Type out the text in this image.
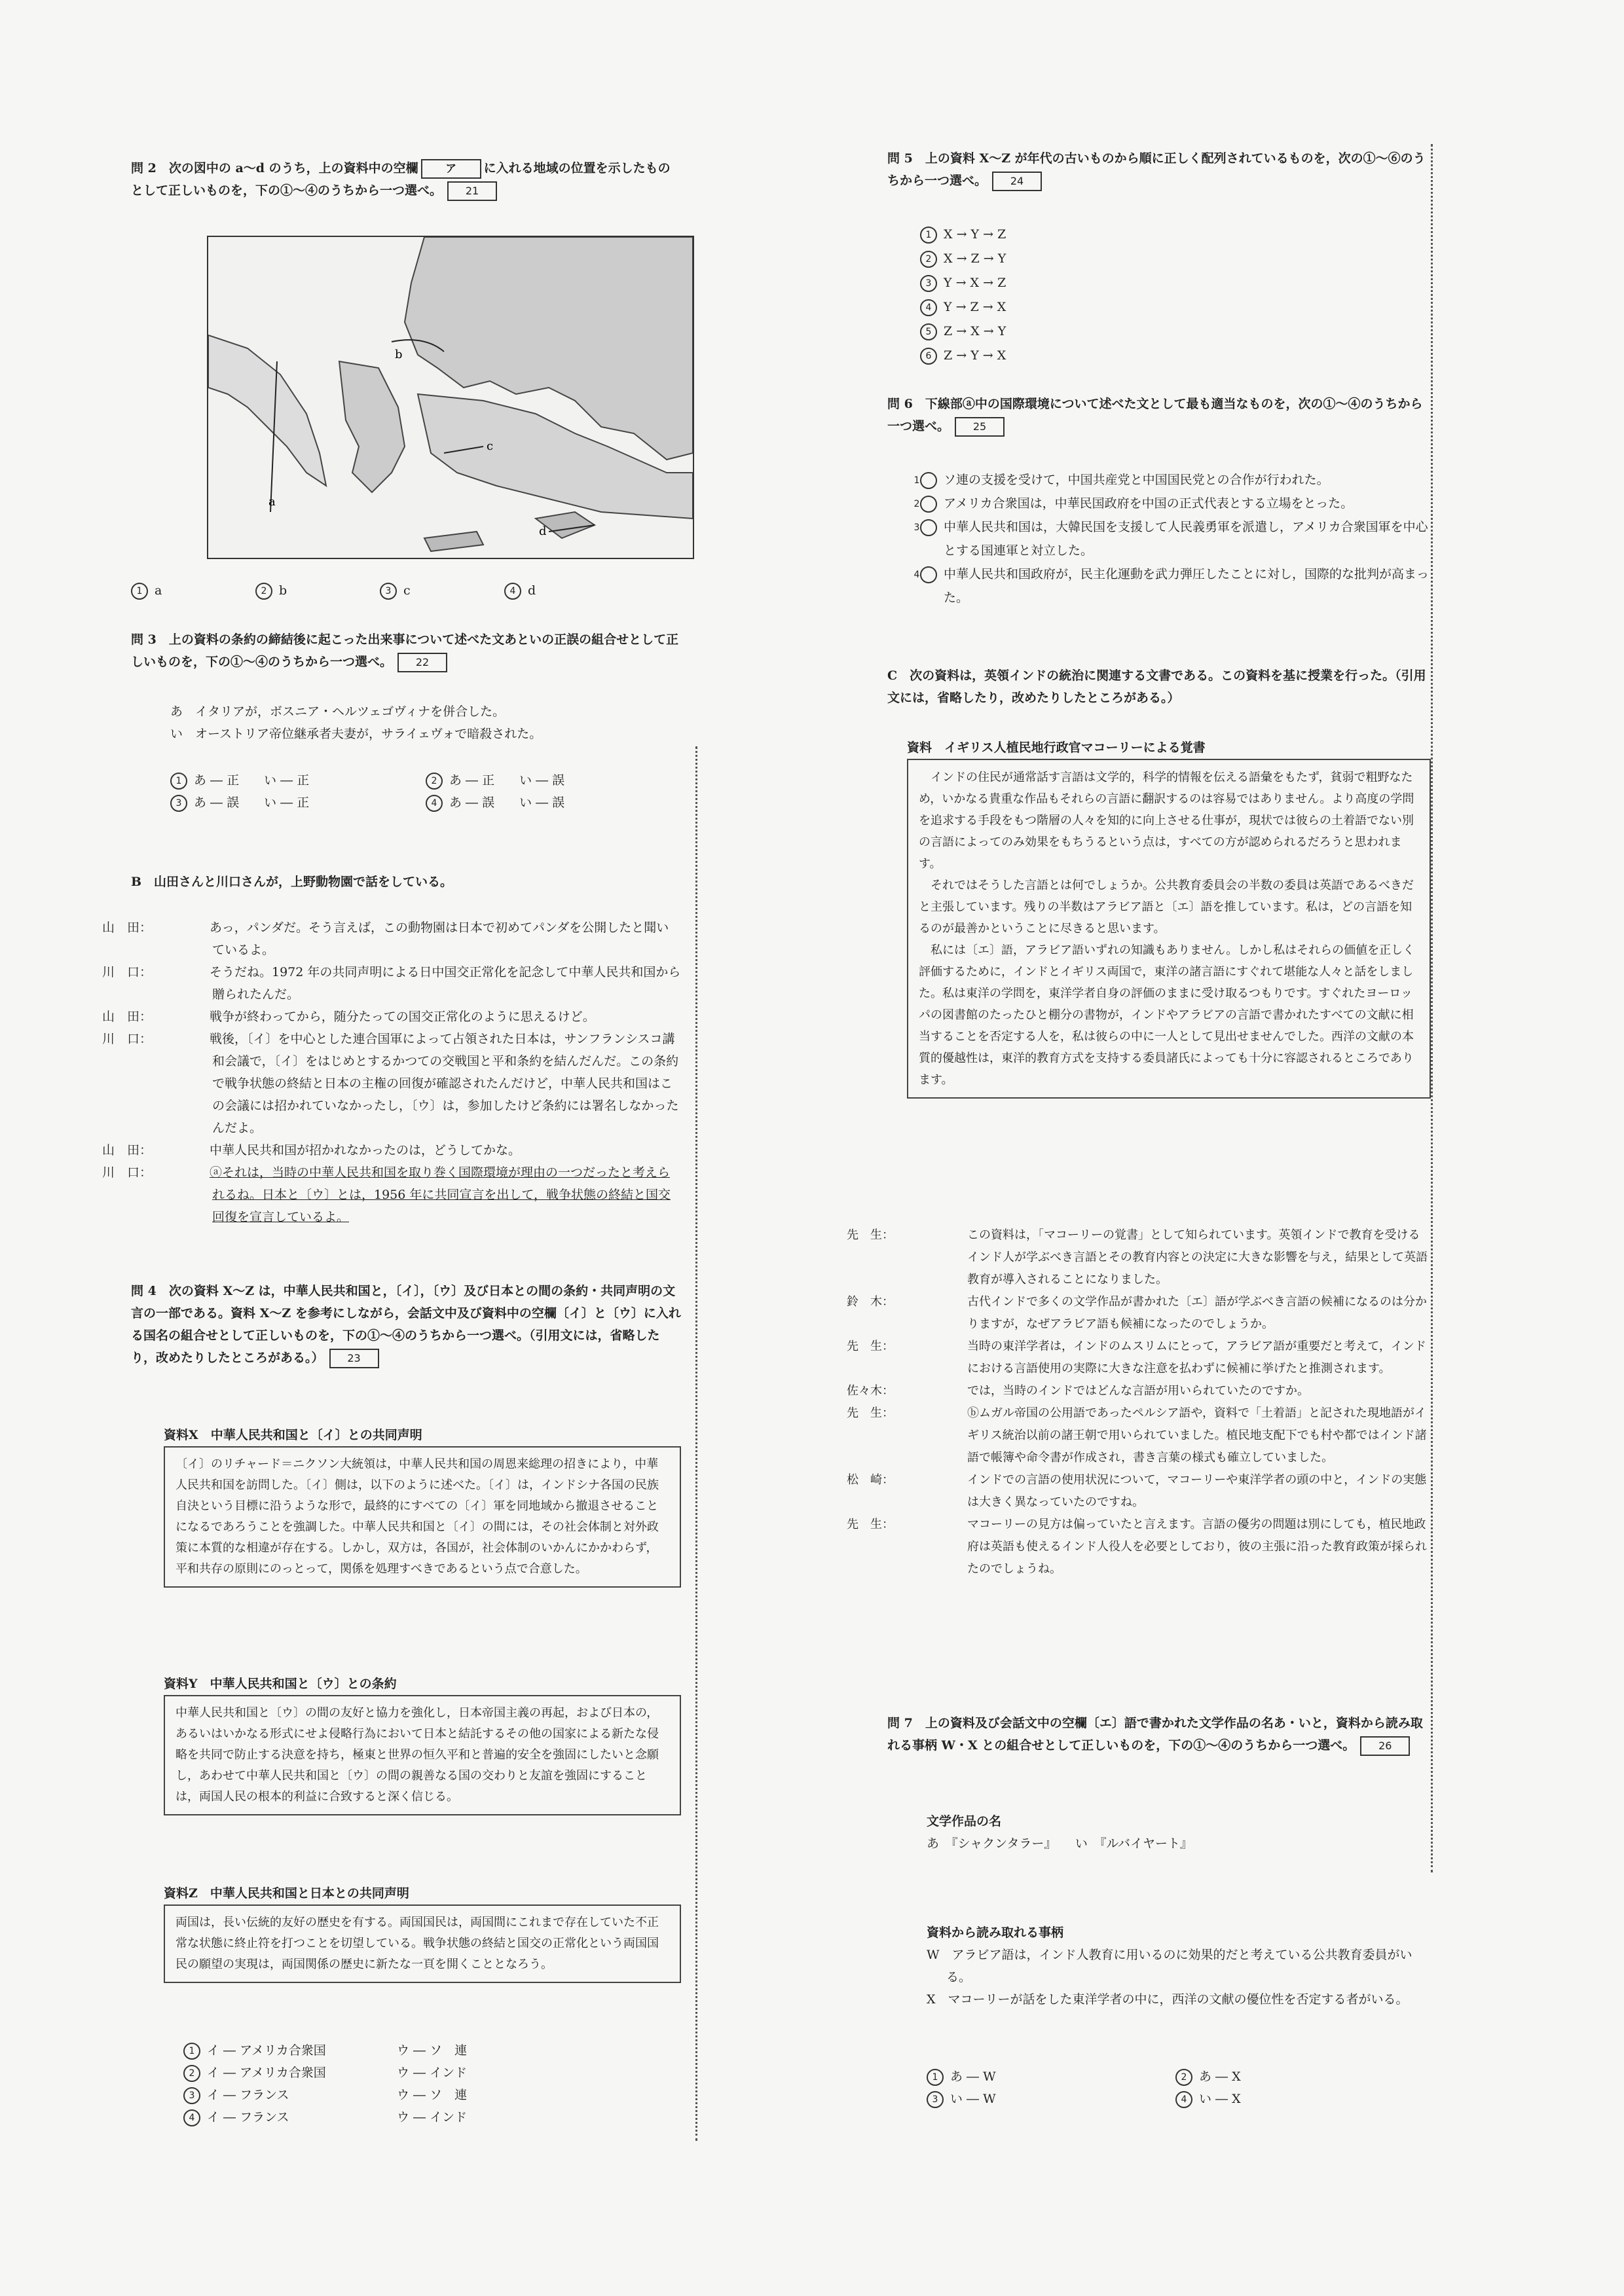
問 2　次の図中の a〜d のうち，上の資料中の空欄 ア に入れる地域の位置を示したものとして正しいものを，下の①〜④のうちから一つ選べ。 21
a
b
c
d
1 a	2 b	3 c	4 d
問 3　上の資料の条約の締結後に起こった出来事について述べた文あといの正誤の組合せとして正しいものを，下の①〜④のうちから一つ選べ。 22
あ　イタリアが，ボスニア・ヘルツェゴヴィナを併合した。
い　オーストリア帝位継承者夫妻が，サライェヴォで暗殺された。
1 あ ― 正　　い ― 正	2 あ ― 正　　い ― 誤
3 あ ― 誤　　い ― 正	4 あ ― 誤　　い ― 誤
B　山田さんと川口さんが，上野動物園で話をしている。
山　田：	あっ，パンダだ。そう言えば，この動物園は日本で初めてパンダを公開したと聞いているよ。
川　口：	そうだね。1972 年の共同声明による日中国交正常化を記念して中華人民共和国から贈られたんだ。
山　田：	戦争が終わってから，随分たっての国交正常化のように思えるけど。
川　口：	戦後，〔イ〕を中心とした連合国軍によって占領された日本は，サンフランシスコ講和会議で，〔イ〕をはじめとするかつての交戦国と平和条約を結んだんだ。この条約で戦争状態の終結と日本の主権の回復が確認されたんだけど，中華人民共和国はこの会議には招かれていなかったし，〔ウ〕は，参加したけど条約には署名しなかったんだよ。
山　田：	中華人民共和国が招かれなかったのは，どうしてかな。
川　口：	ⓐそれは，当時の中華人民共和国を取り巻く国際環境が理由の一つだったと考えられるね。日本と〔ウ〕とは，1956 年に共同宣言を出して，戦争状態の終結と国交回復を宣言しているよ。
問 4　次の資料 X〜Z は，中華人民共和国と，〔イ〕，〔ウ〕及び日本との間の条約・共同声明の文言の一部である。資料 X〜Z を参考にしながら，会話文中及び資料中の空欄〔イ〕と〔ウ〕に入れる国名の組合せとして正しいものを，下の①〜④のうちから一つ選べ。（引用文には，省略したり，改めたりしたところがある。） 23
資料X　中華人民共和国と〔イ〕との共同声明
〔イ〕のリチャード＝ニクソン大統領は，中華人民共和国の周恩来総理の招きにより，中華人民共和国を訪問した。〔イ〕側は，以下のように述べた。〔イ〕は，インドシナ各国の民族自決という目標に沿うような形で，最終的にすべての〔イ〕軍を同地域から撤退させることになるであろうことを強調した。中華人民共和国と〔イ〕の間には，その社会体制と対外政策に本質的な相違が存在する。しかし，双方は，各国が，社会体制のいかんにかかわらず，平和共存の原則にのっとって，関係を処理すべきであるという点で合意した。
資料Y　中華人民共和国と〔ウ〕との条約
中華人民共和国と〔ウ〕の間の友好と協力を強化し，日本帝国主義の再起，および日本の，あるいはいかなる形式にせよ侵略行為において日本と結託するその他の国家による新たな侵略を共同で防止する決意を持ち，極東と世界の恒久平和と普遍的安全を強固にしたいと念願し，あわせて中華人民共和国と〔ウ〕の間の親善なる国の交わりと友誼を強固にすることは，両国人民の根本的利益に合致すると深く信じる。
資料Z　中華人民共和国と日本との共同声明
両国は，長い伝統的友好の歴史を有する。両国国民は，両国間にこれまで存在していた不正常な状態に終止符を打つことを切望している。戦争状態の終結と国交の正常化という両国国民の願望の実現は，両国関係の歴史に新たな一頁を開くこととなろう。
1 イ ― アメリカ合衆国	ウ ― ソ　連
2 イ ― アメリカ合衆国	ウ ― インド
3 イ ― フランス	ウ ― ソ　連
4 イ ― フランス	ウ ― インド
問 5　上の資料 X〜Z が年代の古いものから順に正しく配列されているものを，次の①〜⑥のうちから一つ選べ。 24
1 X → Y → Z
2 X → Z → Y
3 Y → X → Z
4 Y → Z → X
5 Z → X → Y
6 Z → Y → X
問 6　下線部ⓐ中の国際環境について述べた文として最も適当なものを，次の①〜④のうちから一つ選べ。 25
1 ソ連の支援を受けて，中国共産党と中国国民党との合作が行われた。
2 アメリカ合衆国は，中華民国政府を中国の正式代表とする立場をとった。
3 中華人民共和国は，大韓民国を支援して人民義勇軍を派遣し，アメリカ合衆国軍を中心とする国連軍と対立した。
4 中華人民共和国政府が，民主化運動を武力弾圧したことに対し，国際的な批判が高まった。
C　次の資料は，英領インドの統治に関連する文書である。この資料を基に授業を行った。（引用文には，省略したり，改めたりしたところがある。）
資料　イギリス人植民地行政官マコーリーによる覚書
インドの住民が通常話す言語は文学的，科学的情報を伝える語彙をもたず，貧弱で粗野なため，いかなる貴重な作品もそれらの言語に翻訳するのは容易ではありません。より高度の学問を追求する手段をもつ階層の人々を知的に向上させる仕事が，現状では彼らの土着語でない別の言語によってのみ効果をもちうるという点は，すべての方が認められるだろうと思われます。
それではそうした言語とは何でしょうか。公共教育委員会の半数の委員は英語であるべきだと主張しています。残りの半数はアラビア語と〔エ〕語を推しています。私は，どの言語を知るのが最善かということに尽きると思います。
私には〔エ〕語，アラビア語いずれの知識もありません。しかし私はそれらの価値を正しく評価するために，インドとイギリス両国で，東洋の諸言語にすぐれて堪能な人々と話をしました。私は東洋の学問を，東洋学者自身の評価のままに受け取るつもりです。すぐれたヨーロッパの図書館のたったひと棚分の書物が，インドやアラビアの言語で書かれたすべての文献に相当することを否定する人を，私は彼らの中に一人として見出せませんでした。西洋の文献の本質的優越性は，東洋的教育方式を支持する委員諸氏によっても十分に容認されるところであります。
先　生：	この資料は，「マコーリーの覚書」として知られています。英領インドで教育を受けるインド人が学ぶべき言語とその教育内容との決定に大きな影響を与え，結果として英語教育が導入されることになりました。
鈴　木：	古代インドで多くの文学作品が書かれた〔エ〕語が学ぶべき言語の候補になるのは分かりますが，なぜアラビア語も候補になったのでしょうか。
先　生：	当時の東洋学者は，インドのムスリムにとって，アラビア語が重要だと考えて，インドにおける言語使用の実際に大きな注意を払わずに候補に挙げたと推測されます。
佐々木：	では，当時のインドではどんな言語が用いられていたのですか。
先　生：	ⓑムガル帝国の公用語であったペルシア語や，資料で「土着語」と記された現地語がイギリス統治以前の諸王朝で用いられていました。植民地支配下でも村や都ではインド諸語で帳簿や命令書が作成され，書き言葉の様式も確立していました。
松　崎：	インドでの言語の使用状況について，マコーリーや東洋学者の頭の中と，インドの実態は大きく異なっていたのですね。
先　生：	マコーリーの見方は偏っていたと言えます。言語の優劣の問題は別にしても，植民地政府は英語も使えるインド人役人を必要としており，彼の主張に沿った教育政策が採られたのでしょうね。
問 7　上の資料及び会話文中の空欄〔エ〕語で書かれた文学作品の名あ・いと，資料から読み取れる事柄 W・X との組合せとして正しいものを，下の①〜④のうちから一つ選べ。 26
文学作品の名
あ　『シャクンタラー』　　い　『ルバイヤート』
資料から読み取れる事柄
W　アラビア語は，インド人教育に用いるのに効果的だと考えている公共教育委員がいる。
X　マコーリーが話をした東洋学者の中に，西洋の文献の優位性を否定する者がいる。
1 あ ― W	2 あ ― X
3 い ― W	4 い ― X
